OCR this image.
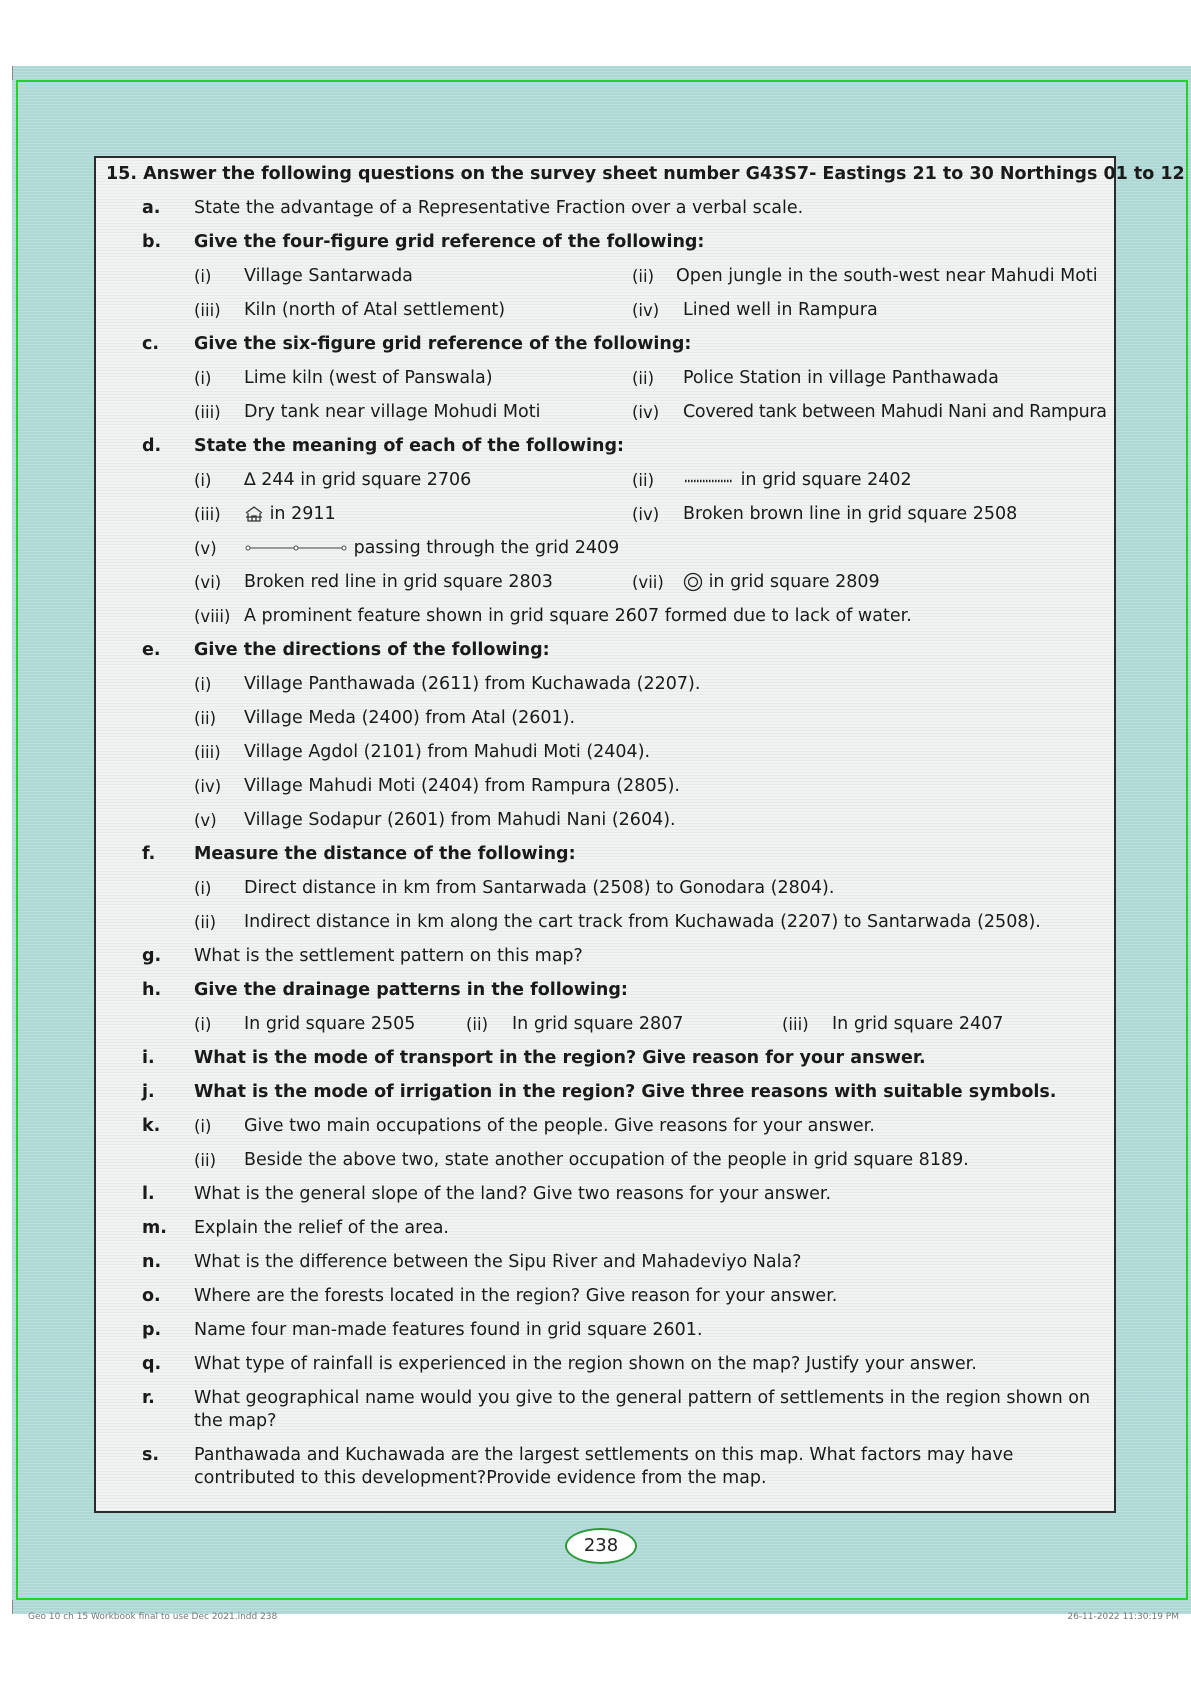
15. Answer the following questions on the survey sheet number G43S7- Eastings 21 to 30 Northings 01 to 12
a. State the advantage of a Representative Fraction over a verbal scale.
b. Give the four-figure grid reference of the following:
(i) Village Santarwada	(ii) Open jungle in the south-west near Mahudi Moti
(iii) Kiln (north of Atal settlement)	(iv) Lined well in Rampura
c. Give the six-figure grid reference of the following:
(i) Lime kiln (west of Panswala)	(ii) Police Station in village Panthawada
(iii) Dry tank near village Mohudi Moti	(iv) Covered tank between Mahudi Nani and Rampura
d. State the meaning of each of the following:
(i) ∆ 244 in grid square 2706	(ii)	in grid square 2402
(iii)	in 2911	(iv) Broken brown line in grid square 2508
(v)	passing through the grid 2409
(vi) Broken red line in grid square 2803	(vii)	in grid square 2809
(viii) A prominent feature shown in grid square 2607 formed due to lack of water.
e. Give the directions of the following:
(i) Village Panthawada (2611) from Kuchawada (2207).
(ii) Village Meda (2400) from Atal (2601).
(iii) Village Agdol (2101) from Mahudi Moti (2404).
(iv) Village Mahudi Moti (2404) from Rampura (2805).
(v) Village Sodapur (2601) from Mahudi Nani (2604).
f. Measure the distance of the following:
(i) Direct distance in km from Santarwada (2508) to Gonodara (2804).
(ii) Indirect distance in km along the cart track from Kuchawada (2207) to Santarwada (2508).
g. What is the settlement pattern on this map?
h. Give the drainage patterns in the following:
(i) In grid square 2505	(ii) In grid square 2807	(iii) In grid square 2407
i. What is the mode of transport in the region? Give reason for your answer.
j. What is the mode of irrigation in the region? Give three reasons with suitable symbols.
k. (i) Give two main occupations of the people. Give reasons for your answer.
(ii) Beside the above two, state another occupation of the people in grid square 8189.
l. What is the general slope of the land? Give two reasons for your answer.
m. Explain the relief of the area.
n. What is the difference between the Sipu River and Mahadeviyo Nala?
o. Where are the forests located in the region? Give reason for your answer.
p. Name four man-made features found in grid square 2601.
q. What type of rainfall is experienced in the region shown on the map? Justify your answer.
r. What geographical name would you give to the general pattern of settlements in the region shown on the map?
s. Panthawada and Kuchawada are the largest settlements on this map. What factors may have contributed to this development?Provide evidence from the map.
238
Geo 10 ch 15 Workbook final to use Dec 2021.indd 238	26-11-2022 11:30:19 PM
